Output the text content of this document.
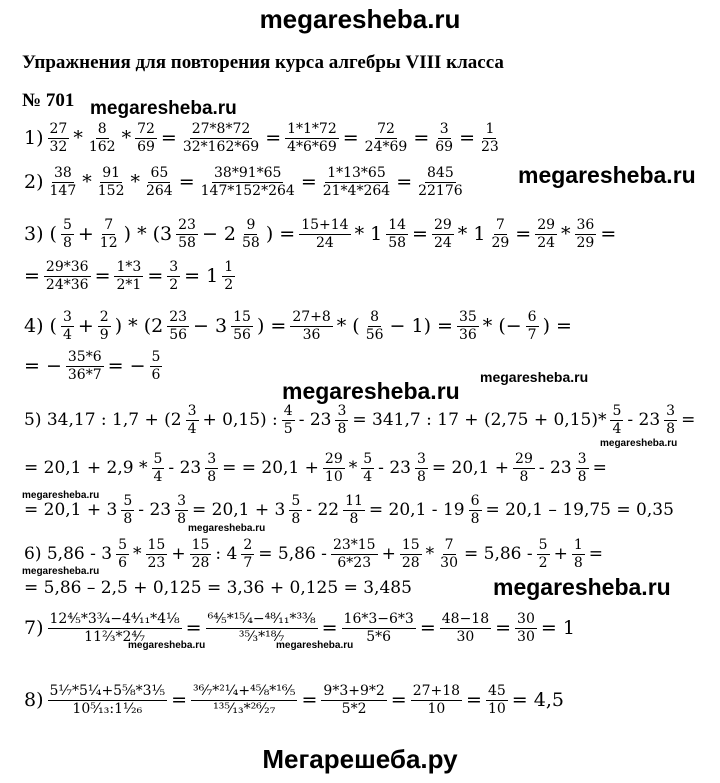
megaresheba.ru
Упражнения для повторения курса алгебры VIII класса
№ 701 megaresheba.ru
megaresheba.ru
megaresheba.ru
megaresheba.ru
megaresheba.ru
megaresheba.ru
megaresheba.ru
megaresheba.ru
megaresheba.ru
megaresheba.ru	megaresheba.ru
$1) \frac{27}{32} * \frac{8}{162} * \frac{72}{69} = \frac{27*8*72}{32*162*69} = \frac{1*1*72}{4*6*69} = \frac{72}{24*69} = \frac{3}{69} = \frac{1}{23}$
$2) \frac{38}{147} * \frac{91}{152} * \frac{65}{264} = \frac{38*91*65}{147*152*264} = \frac{1*13*65}{21*4*264} = \frac{845}{22176}$
3) ( $\frac{5}{8} + \frac{7}{12}$ ) * ($3 \frac{23}{58} - 2 \frac{9}{58}$ ) = $\frac{15+14}{24} * 1 \frac{14}{58} = \frac{29}{24} * 1 \frac{7}{29} = \frac{29}{24} * \frac{36}{29}$ =
= $\frac{29*36}{24*36} = \frac{1*3}{2*1} = \frac{3}{2} = 1 \frac{1}{2}$
4) ( $\frac{3}{4} + \frac{2}{9}$ ) * ($2 \frac{23}{56} - 3 \frac{15}{56}$ ) = $\frac{27+8}{36}$ * ( $\frac{8}{56} - 1) = \frac{35}{36}$ * (− $\frac{6}{7}$ ) =
= − $\frac{35*6}{36*7}$ = − $\frac{5}{6}$
5) 34,17 : $1,7 + (2 \frac{3}{4} + 0,15)$ : $\frac{4}{5} - 23 \frac{3}{8} = 341,7$ : $17 + (2,75 + 0,15)* \frac{5}{4} - 23 \frac{3}{8}$ =
= $20,1 + 2,9 * \frac{5}{4} - 23 \frac{3}{8}$ = = $20,1 + \frac{29}{10} * \frac{5}{4} - 23 \frac{3}{8} = 20,1 + \frac{29}{8} - 23 \frac{3}{8}$ =
= $20,1 + 3 \frac{5}{8} - 23 \frac{3}{8} = 20,1 + 3 \frac{5}{8} - 22 \frac{11}{8} = 20,1 - 19 \frac{6}{8} = 20,1 - 19,75 = 0,35$
6) $5,86 - 3 \frac{5}{6} * \frac{15}{23} + \frac{15}{28}$ : $4 \frac{2}{7} = 5,86 - \frac{23*15}{6*23} + \frac{15}{28} * \frac{7}{30} = 5,86 - \frac{5}{2} + \frac{1}{8}$ =
= 5,86 – 2,5 + 0,125 = 3,36 + 0,125 = 3,485
$7) \frac{\text{12⁴⁄₅*3³⁄₄−4⁴⁄₁₁*4¹⁄₈}}{\text{11²⁄₃*2⁴⁄₇}} = \frac{\text{⁶⁴⁄₅*¹⁵⁄₄−⁴⁸⁄₁₁*³³⁄₈}}{\text{³⁵⁄₃*¹⁸⁄₇}} = \frac{16*3-6*3}{5*6} = \frac{48-18}{30} = \frac{30}{30} = 1$
$8) \frac{\text{5¹⁄₇*5¹⁄₄+5⁵⁄₈*3¹⁄₅}}{\text{10⁵⁄₁₃:1¹⁄₂₆}} = \frac{\text{³⁶⁄₇*²¹⁄₄+⁴⁵⁄₈*¹⁶⁄₅}}{\text{¹³⁵⁄₁₃*²⁶⁄₂₇}} = \frac{9*3+9*2}{5*2} = \frac{27+18}{10} = \frac{45}{10} = 4,5$
Мегарешеба.ру
